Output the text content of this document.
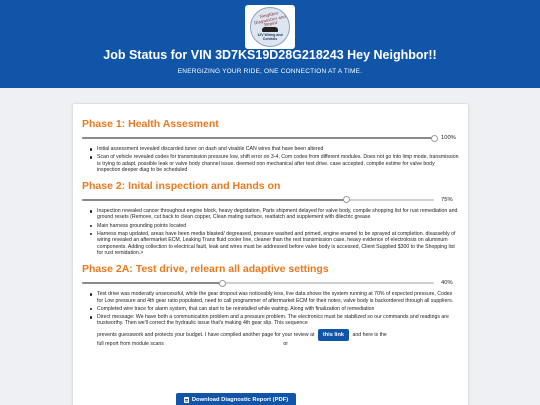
Neighbor Diagnostics and Repair
12V Wiring and Controls
Job Status for VIN 3D7KS19D28G218243 Hey Neighbor!!
ENERGIZING YOUR RIDE, ONE CONNECTION AT A TIME.
Phase 1: Health Assesment
100%
Initial assessment revealed discarded tuner on dash and visable CAN wires that have been altered
Scan of vehicle revealed codes for transmission pressure low, shift error on 3-4, Com codes from different modules. Does not go into limp mode, transmission is trying to adapt, possible leak or valve body channel issue. deemed non mechanical after test drive. case accepted, compile estime for valve body inspection deeper diag to be scheduled
Phase 2: Inital inspection and Hands on
75%
Inspection revealed cancer throughout engine block, heavy degridation, Parts shipment delayed for valve body, compile shopping list for rust remediation and ground resets (Remove, cut back to clean copper, Clean mating surface, reattatch and supplement with dilectric grease
Main harness grounding points located
Harness map updated, areas have been media blasted/ degreased, pressure washed and primed, engine enamel to be sprayed at completion. disassebly of wiring revealed an aftermarket ECM, Leaking Trans fluid cooler line, cleaner than the rest transmission case, heavy evidence of electrolosis on aluminum components. Adding collection to electrical fault, leak and wires must be addressed before valve body is accessed, Client Supplied $300 to the Shopping list for rust remidation.>
Phase 2A: Test drive, relearn all adaptive settings
40%
Test drive was moderatly unsecessful, while the gear dropout was noticeably less, live data shows the system running at 70% of expected pressure, Codes for Low pressure and 4th gear ratio populated, need to call programmer of aftermarket ECM for their notes, valve body is backordered through all suppliers.
Completed wire trace for alarm system, that can start to be reinstalled while waiting. Along with finalization of remediation
Direct message: We have both a communication problem and a pressure problem. The electronics must be stabilized so our commands and readings are trustworthy. Then we'll correct the hydraulic issue that's making 4th gear slip. This sequence
prevents guesswork and protects your budget. I have compiled another page for your review at this link and here is the
full report from module scans	or
Download Diagnostic Report (PDF)
